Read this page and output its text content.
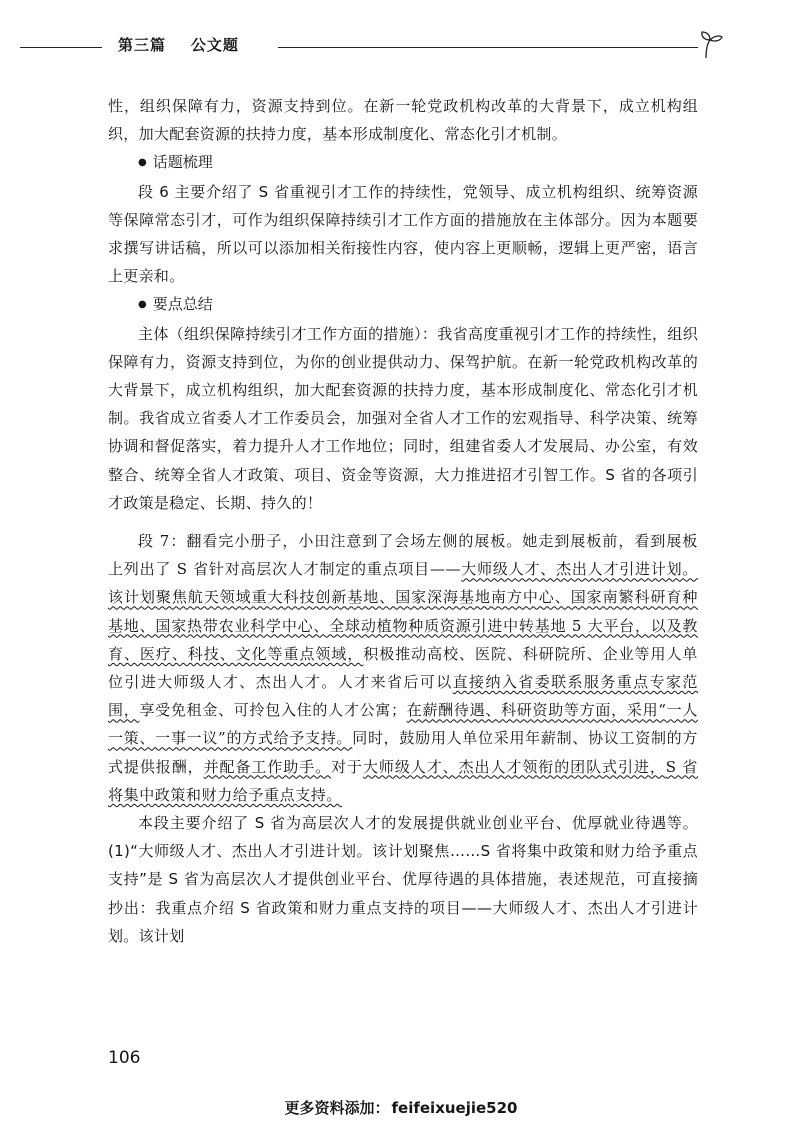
第三篇 公文题

性，组织保障有力，资源支持到位。在新一轮党政机构改革的大背景下，成立机构组织，加大配套资源的扶持力度，基本形成制度化、常态化引才机制。

● 话题梳理

段 6 主要介绍了 S 省重视引才工作的持续性，党领导、成立机构组织、统筹资源等保障常态引才，可作为组织保障持续引才工作方面的措施放在主体部分。因为本题要求撰写讲话稿，所以可以添加相关衔接性内容，使内容上更顺畅，逻辑上更严密，语言上更亲和。

● 要点总结

主体（组织保障持续引才工作方面的措施）：我省高度重视引才工作的持续性，组织保障有力，资源支持到位，为你的创业提供动力、保驾护航。在新一轮党政机构改革的大背景下，成立机构组织，加大配套资源的扶持力度，基本形成制度化、常态化引才机制。我省成立省委人才工作委员会，加强对全省人才工作的宏观指导、科学决策、统筹协调和督促落实，着力提升人才工作地位；同时，组建省委人才发展局、办公室，有效整合、统筹全省人才政策、项目、资金等资源，大力推进招才引智工作。S 省的各项引才政策是稳定、长期、持久的！

段 7：翻看完小册子，小田注意到了会场左侧的展板。她走到展板前，看到展板上列出了 S 省针对高层次人才制定的重点项目——大师级人才、杰出人才引进计划。该计划聚焦航天领域重大科技创新基地、国家深海基地南方中心、国家南繁科研育种基地、国家热带农业科学中心、全球动植物种质资源引进中转基地 5 大平台，以及教育、医疗、科技、文化等重点领域，积极推动高校、医院、科研院所、企业等用人单位引进大师级人才、杰出人才。人才来省后可以直接纳入省委联系服务重点专家范围，享受免租金、可拎包入住的人才公寓；在薪酬待遇、科研资助等方面，采用“一人一策、一事一议”的方式给予支持。同时，鼓励用人单位采用年薪制、协议工资制的方式提供报酬，并配备工作助手。对于大师级人才、杰出人才领衔的团队式引进，S 省将集中政策和财力给予重点支持。

本段主要介绍了 S 省为高层次人才的发展提供就业创业平台、优厚就业待遇等。(1)“大师级人才、杰出人才引进计划。该计划聚焦……S 省将集中政策和财力给予重点支持”是 S 省为高层次人才提供创业平台、优厚待遇的具体措施，表述规范，可直接摘抄出：我重点介绍 S 省政策和财力重点支持的项目——大师级人才、杰出人才引进计划。该计划

106
更多资料添加： feifeixuejie520
